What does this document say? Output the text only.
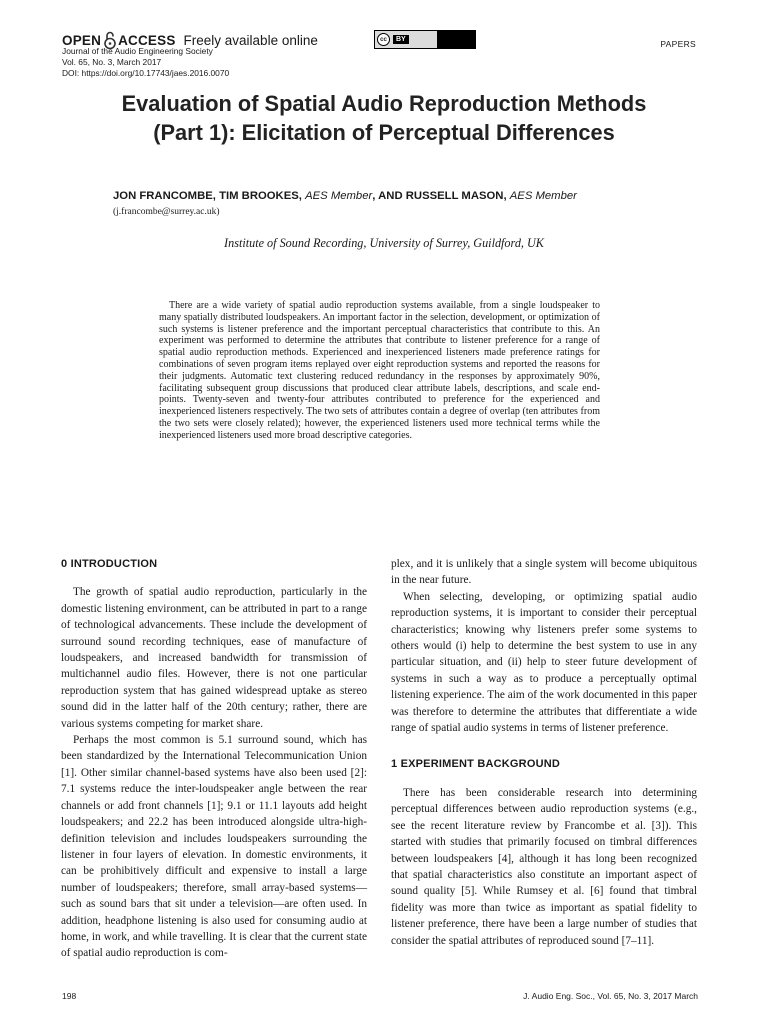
OPEN ACCESS Freely available online
Journal of the Audio Engineering Society
Vol. 65, No. 3, March 2017
DOI: https://doi.org/10.17743/jaes.2016.0070
cc	BY	PAPERS
Evaluation of Spatial Audio Reproduction Methods
(Part 1): Elicitation of Perceptual Differences
JON FRANCOMBE, TIM BROOKES, AES Member, AND RUSSELL MASON, AES Member
(j.francombe@surrey.ac.uk)
Institute of Sound Recording, University of Surrey, Guildford, UK
There are a wide variety of spatial audio reproduction systems available, from a single loudspeaker to many spatially distributed loudspeakers. An important factor in the selection, development, or optimization of such systems is listener preference and the important perceptual characteristics that contribute to this. An experiment was performed to determine the attributes that contribute to listener preference for a range of spatial audio reproduction methods. Experienced and inexperienced listeners made preference ratings for combinations of seven program items replayed over eight reproduction systems and reported the reasons for their judgments. Automatic text clustering reduced redundancy in the responses by approximately 90%, facilitating subsequent group discussions that produced clear attribute labels, descriptions, and scale end-points. Twenty-seven and twenty-four attributes contributed to preference for the experienced and inexperienced listeners respectively. The two sets of attributes contain a degree of overlap (ten attributes from the two sets were closely related); however, the experienced listeners used more technical terms while the inexperienced listeners used more broad descriptive categories.
0 INTRODUCTION

The growth of spatial audio reproduction, particularly in the domestic listening environment, can be attributed in part to a range of technological advancements. These include the development of surround sound recording techniques, ease of manufacture of loudspeakers, and increased bandwidth for transmission of multichannel audio files. However, there is not one particular reproduction system that has gained widespread uptake as stereo sound did in the latter half of the 20th century; rather, there are various systems competing for market share.

Perhaps the most common is 5.1 surround sound, which has been standardized by the International Telecommunication Union [1]. Other similar channel-based systems have also been used [2]: 7.1 systems reduce the inter-loudspeaker angle between the rear channels or add front channels [1]; 9.1 or 11.1 layouts add height loudspeakers; and 22.2 has been introduced alongside ultra-high-definition television and includes loudspeakers surrounding the listener in four layers of elevation. In domestic environments, it can be prohibitively difficult and expensive to install a large number of loudspeakers; therefore, small array-based systems—such as sound bars that sit under a television—are often used. In addition, headphone listening is also used for consuming audio at home, in work, and while travelling. It is clear that the current state of spatial audio reproduction is com-

plex, and it is unlikely that a single system will become ubiquitous in the near future.

When selecting, developing, or optimizing spatial audio reproduction systems, it is important to consider their perceptual characteristics; knowing why listeners prefer some systems to others would (i) help to determine the best system to use in any particular situation, and (ii) help to steer future development of systems in such a way as to produce a perceptually optimal listening experience. The aim of the work documented in this paper was therefore to determine the attributes that differentiate a wide range of spatial audio systems in terms of listener preference.

1 EXPERIMENT BACKGROUND

There has been considerable research into determining perceptual differences between audio reproduction systems (e.g., see the recent literature review by Francombe et al. [3]). This started with studies that primarily focused on timbral differences between loudspeakers [4], although it has long been recognized that spatial characteristics also constitute an important aspect of sound quality [5]. While Rumsey et al. [6] found that timbral fidelity was more than twice as important as spatial fidelity to listener preference, there have been a large number of studies that consider the spatial attributes of reproduced sound [7–11].

198	J. Audio Eng. Soc., Vol. 65, No. 3, 2017 March
